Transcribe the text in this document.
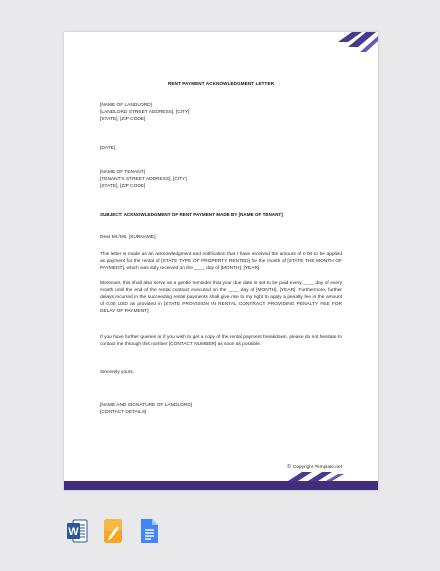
RENT PAYMENT ACKNOWLEDGMENT LETTER
[NAME OF LANDLORD]
[LANDLORD STREET ADDRESS], [CITY]
[STATE], [ZIP CODE]
[DATE]
[NAME OF TENANT]
[TENANT'S STREET ADDRESS], [CITY]
[STATE], [ZIP CODE]
SUBJECT: ACKNOWLEDGMENT OF RENT PAYMENT MADE BY [NAME OF TENANT]
Dear Mr./Ms. [SURNAME],
This letter is made as an acknowledgment and notification that I have received the amount of 0.00 to be applied as payment for the rental of [STATE TYPE OF PROPERTY RENTED] for the month of [STATE THE MONTH OF PAYMENT], which was duly received on the ____ day of [MONTH], [YEAR].
Moreover, this shall also serve as a gentle reminder that your due date is set to be paid every ____ day of every month until the end of the rental contract executed on the ____ day of [MONTH], [YEAR]. Furthermore, further delays incurred in the succeeding rental payments shall give rise to my right to apply a penalty fee in the amount of 0.00 USD as provided in [STATE PROVISION IN RENTAL CONTRACT PROVIDING PENALTY FEE FOR DELAY OF PAYMENT].
If you have further queries or if you wish to get a copy of the rental payment breakdown, please do not hesitate to contact me through this number [CONTACT NUMBER] as soon as possible.
Sincerely yours,
[NAME AND SIGNATURE OF LANDLORD]
[CONTACT DETAILS]
© Copyright Template.net
W
